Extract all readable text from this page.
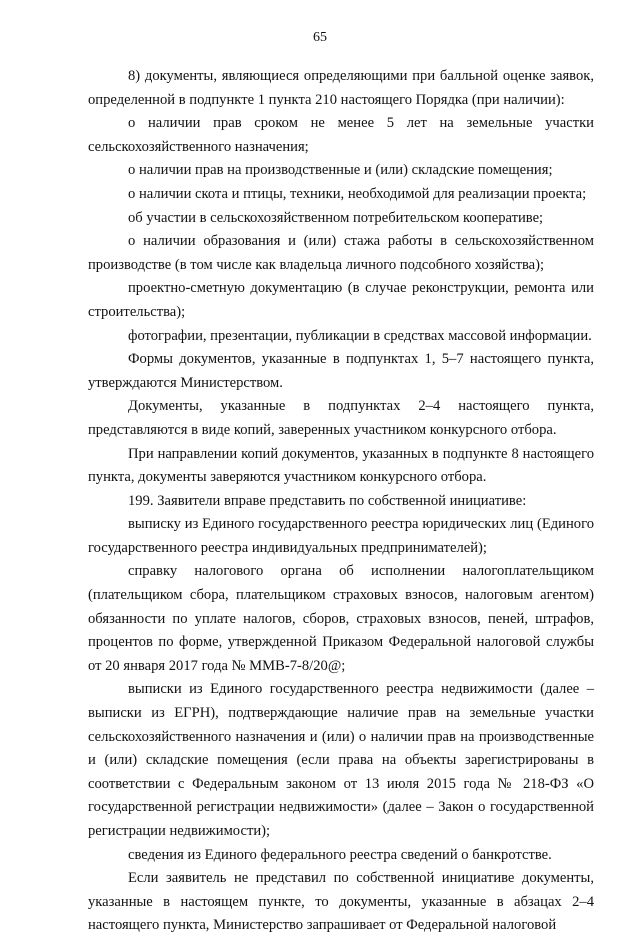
65

8) документы, являющиеся определяющими при балльной оценке заявок, определенной в подпункте 1 пункта 210 настоящего Порядка (при наличии):

о наличии прав сроком не менее 5 лет на земельные участки сельскохозяйственного назначения;

о наличии прав на производственные и (или) складские помещения;

о наличии скота и птицы, техники, необходимой для реализации проекта;

об участии в сельскохозяйственном потребительском кооперативе;

о наличии образования и (или) стажа работы в сельскохозяйственном производстве (в том числе как владельца личного подсобного хозяйства);

проектно-сметную документацию (в случае реконструкции, ремонта или строительства);

фотографии, презентации, публикации в средствах массовой информации.

Формы документов, указанные в подпунктах 1, 5–7 настоящего пункта, утверждаются Министерством.

Документы, указанные в подпунктах 2–4 настоящего пункта, представляются в виде копий, заверенных участником конкурсного отбора.

При направлении копий документов, указанных в подпункте 8 настоящего пункта, документы заверяются участником конкурсного отбора.

199. Заявители вправе представить по собственной инициативе:

выписку из Единого государственного реестра юридических лиц (Единого государственного реестра индивидуальных предпринимателей);

справку налогового органа об исполнении налогоплательщиком (плательщиком сбора, плательщиком страховых взносов, налоговым агентом) обязанности по уплате налогов, сборов, страховых взносов, пеней, штрафов, процентов по форме, утвержденной Приказом Федеральной налоговой службы от 20 января 2017 года № ММВ-7-8/20@;

выписки из Единого государственного реестра недвижимости (далее – выписки из ЕГРН), подтверждающие наличие прав на земельные участки сельскохозяйственного назначения и (или) о наличии прав на производственные и (или) складские помещения (если права на объекты зарегистрированы в соответствии с Федеральным законом от 13 июля 2015 года № 218-ФЗ «О государственной регистрации недвижимости» (далее – Закон о государственной регистрации недвижимости);

сведения из Единого федерального реестра сведений о банкротстве.

Если заявитель не представил по собственной инициативе документы, указанные в настоящем пункте, то документы, указанные в абзацах 2–4 настоящего пункта, Министерство запрашивает от Федеральной налоговой
